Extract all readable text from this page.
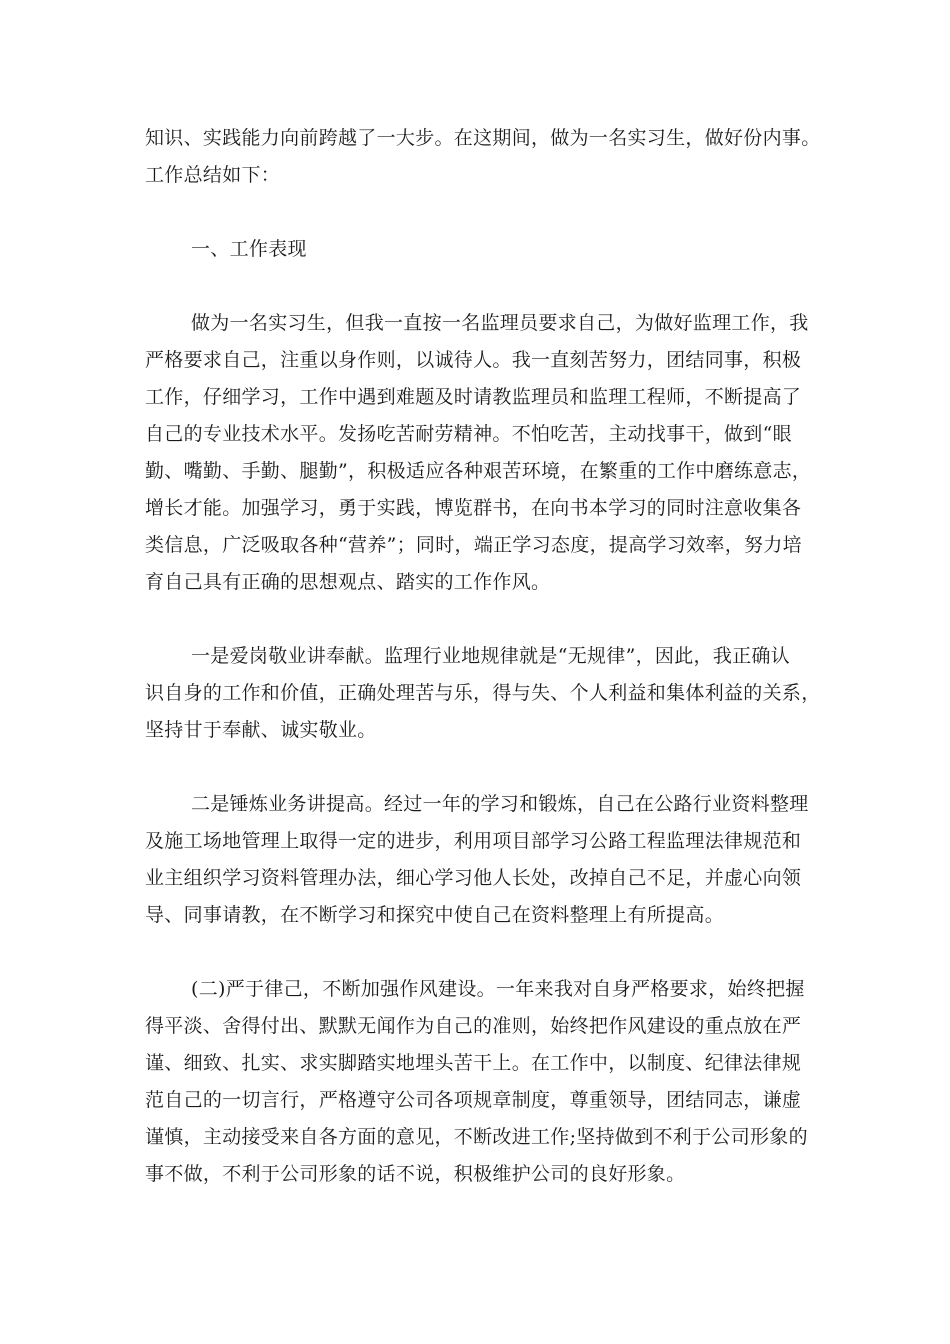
知识、实践能力向前跨越了一大步。在这期间，做为一名实习生，做好份内事。
工作总结如下：
一、工作表现
做为一名实习生，但我一直按一名监理员要求自己，为做好监理工作，我
严格要求自己，注重以身作则，以诚待人。我一直刻苦努力，团结同事，积极
工作，仔细学习，工作中遇到难题及时请教监理员和监理工程师，不断提高了
自己的专业技术水平。发扬吃苦耐劳精神。不怕吃苦，主动找事干，做到“眼
勤、嘴勤、手勤、腿勤”，积极适应各种艰苦环境，在繁重的工作中磨练意志，
增长才能。加强学习，勇于实践，博览群书，在向书本学习的同时注意收集各
类信息，广泛吸取各种“营养”；同时，端正学习态度，提高学习效率，努力培
育自己具有正确的思想观点、踏实的工作作风。
一是爱岗敬业讲奉献。监理行业地规律就是“无规律”，因此，我正确认
识自身的工作和价值，正确处理苦与乐，得与失、个人利益和集体利益的关系，
坚持甘于奉献、诚实敬业。
二是锤炼业务讲提高。经过一年的学习和锻炼，自己在公路行业资料整理
及施工场地管理上取得一定的进步，利用项目部学习公路工程监理法律规范和
业主组织学习资料管理办法，细心学习他人长处，改掉自己不足，并虚心向领
导、同事请教，在不断学习和探究中使自己在资料整理上有所提高。
(二)严于律己，不断加强作风建设。一年来我对自身严格要求，始终把握
得平淡、舍得付出、默默无闻作为自己的准则，始终把作风建设的重点放在严
谨、细致、扎实、求实脚踏实地埋头苦干上。在工作中，以制度、纪律法律规
范自己的一切言行，严格遵守公司各项规章制度，尊重领导，团结同志，谦虚
谨慎，主动接受来自各方面的意见，不断改进工作;坚持做到不利于公司形象的
事不做，不利于公司形象的话不说，积极维护公司的良好形象。
